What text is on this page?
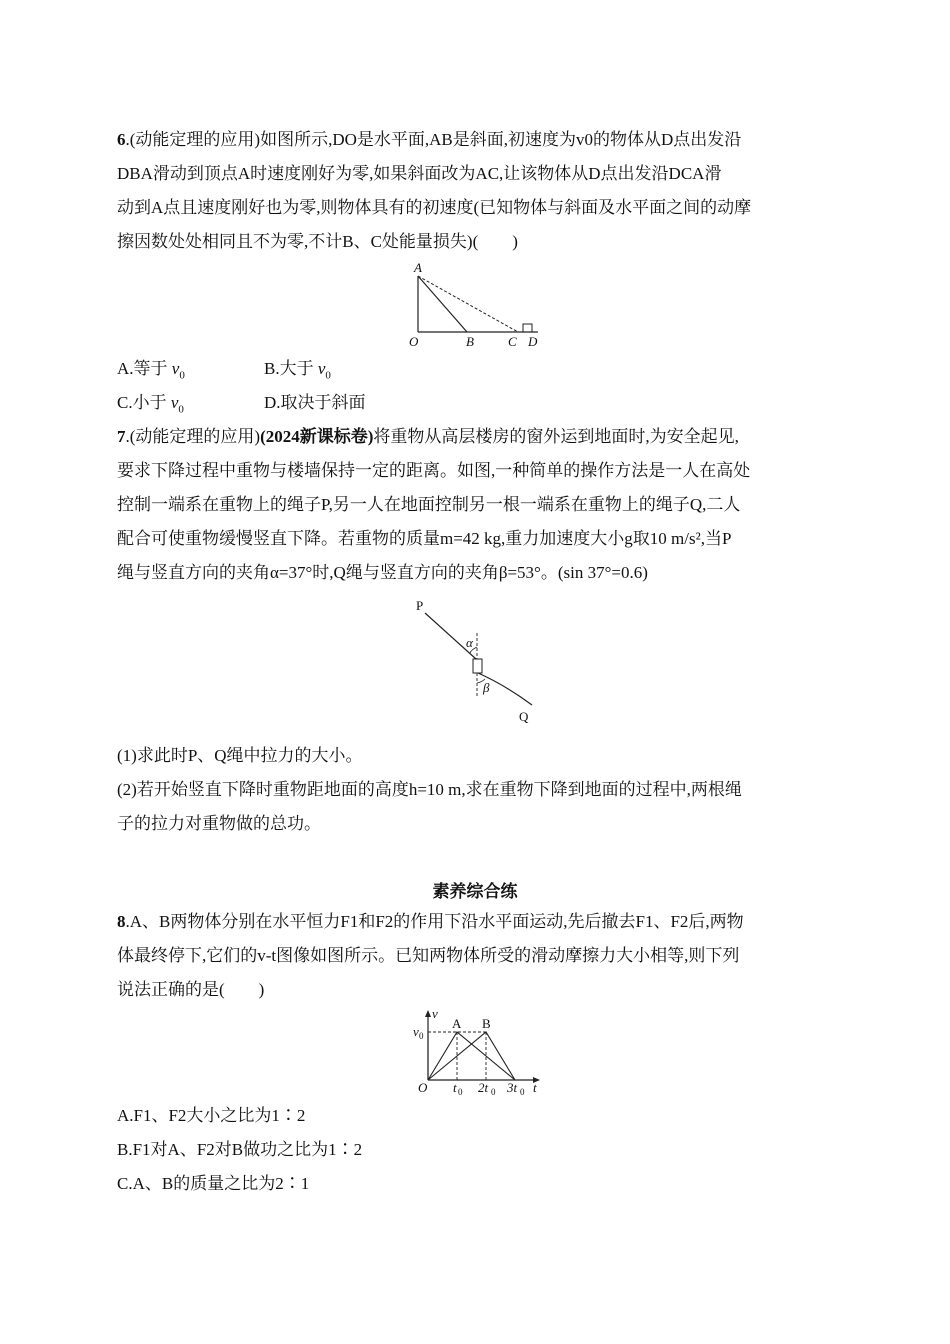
6.(动能定理的应用)如图所示,DO是水平面,AB是斜面,初速度为v0的物体从D点出发沿
DBA滑动到顶点A时速度刚好为零,如果斜面改为AC,让该物体从D点出发沿DCA滑
动到A点且速度刚好也为零,则物体具有的初速度(已知物体与斜面及水平面之间的动摩
擦因数处处相同且不为零,不计B、C处能量损失)(　　)
A
O	B	C D
A.等于 $v_0$	B.大于 $v_0$
C.小于 $v_0$	D.取决于斜面
7.(动能定理的应用)(2024新课标卷)将重物从高层楼房的窗外运到地面时,为安全起见,
要求下降过程中重物与楼墙保持一定的距离。如图,一种简单的操作方法是一人在高处
控制一端系在重物上的绳子P,另一人在地面控制另一根一端系在重物上的绳子Q,二人
配合可使重物缓慢竖直下降。若重物的质量m=42 kg,重力加速度大小g取10 m/s²,当P
绳与竖直方向的夹角α=37°时,Q绳与竖直方向的夹角β=53°。(sin 37°=0.6)
P
Q
α
β
(1)求此时P、Q绳中拉力的大小。
(2)若开始竖直下降时重物距地面的高度h=10 m,求在重物下降到地面的过程中,两根绳
子的拉力对重物做的总功。
素养综合练
8.A、B两物体分别在水平恒力F1和F2的作用下沿水平面运动,先后撤去F1、F2后,两物
体最终停下,它们的v-t图像如图所示。已知两物体所受的滑动摩擦力大小相等,则下列
说法正确的是(　　)
v
v 0
A B
O t 0 2t 0 3t 0 t
A.F1、F2大小之比为1∶2
B.F1对A、F2对B做功之比为1∶2
C.A、B的质量之比为2∶1
